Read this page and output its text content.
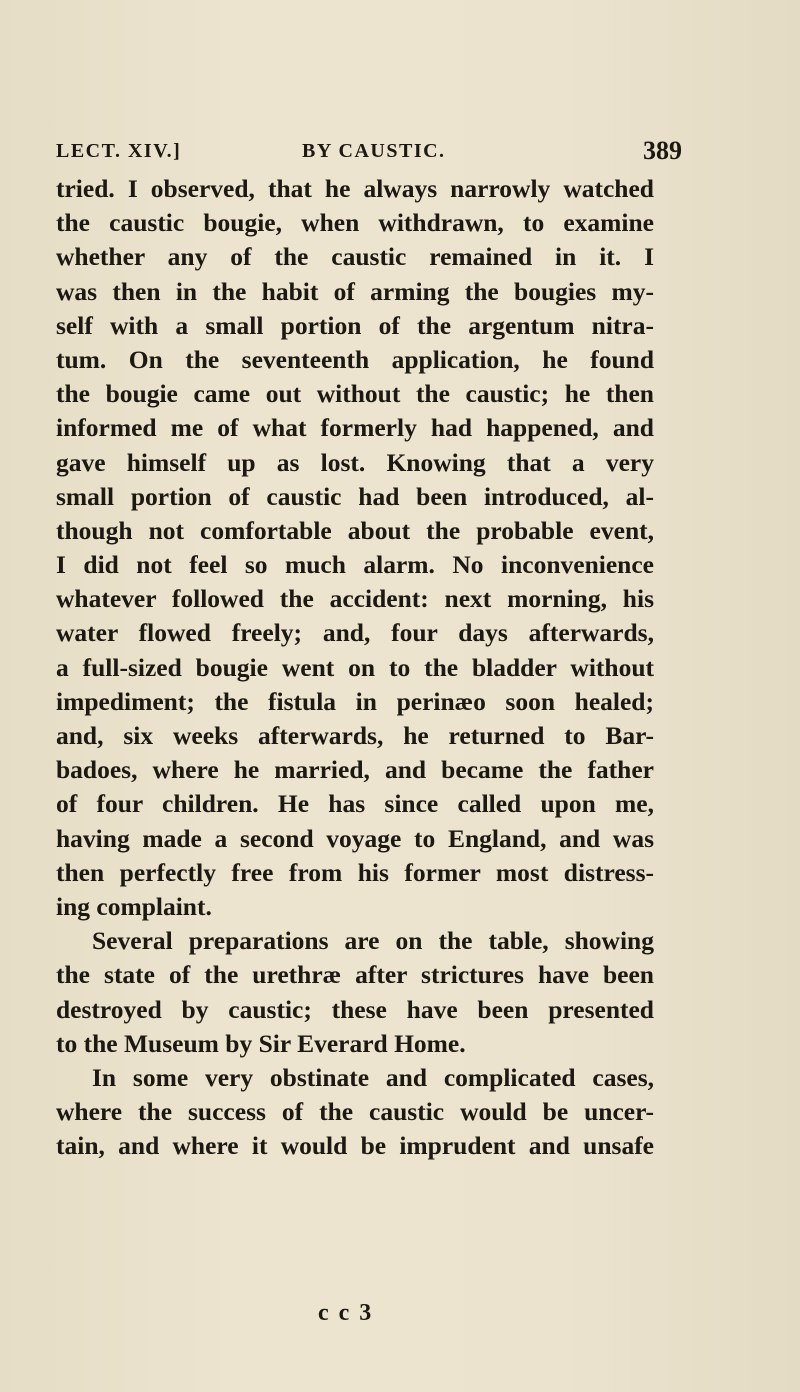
LECT. XIV.]	BY CAUSTIC.	389
tried. I observed, that he always narrowly watched
the caustic bougie, when withdrawn, to examine
whether any of the caustic remained in it. I
was then in the habit of arming the bougies my-
self with a small portion of the argentum nitra-
tum. On the seventeenth application, he found
the bougie came out without the caustic; he then
informed me of what formerly had happened, and
gave himself up as lost. Knowing that a very
small portion of caustic had been introduced, al-
though not comfortable about the probable event,
I did not feel so much alarm. No inconvenience
whatever followed the accident: next morning, his
water flowed freely; and, four days afterwards,
a full-sized bougie went on to the bladder without
impediment; the fistula in perinæo soon healed;
and, six weeks afterwards, he returned to Bar-
badoes, where he married, and became the father
of four children. He has since called upon me,
having made a second voyage to England, and was
then perfectly free from his former most distress-
ing complaint.
Several preparations are on the table, showing
the state of the urethræ after strictures have been
destroyed by caustic; these have been presented
to the Museum by Sir Everard Home.
In some very obstinate and complicated cases,
where the success of the caustic would be uncer-
tain, and where it would be imprudent and unsafe
c c 3
